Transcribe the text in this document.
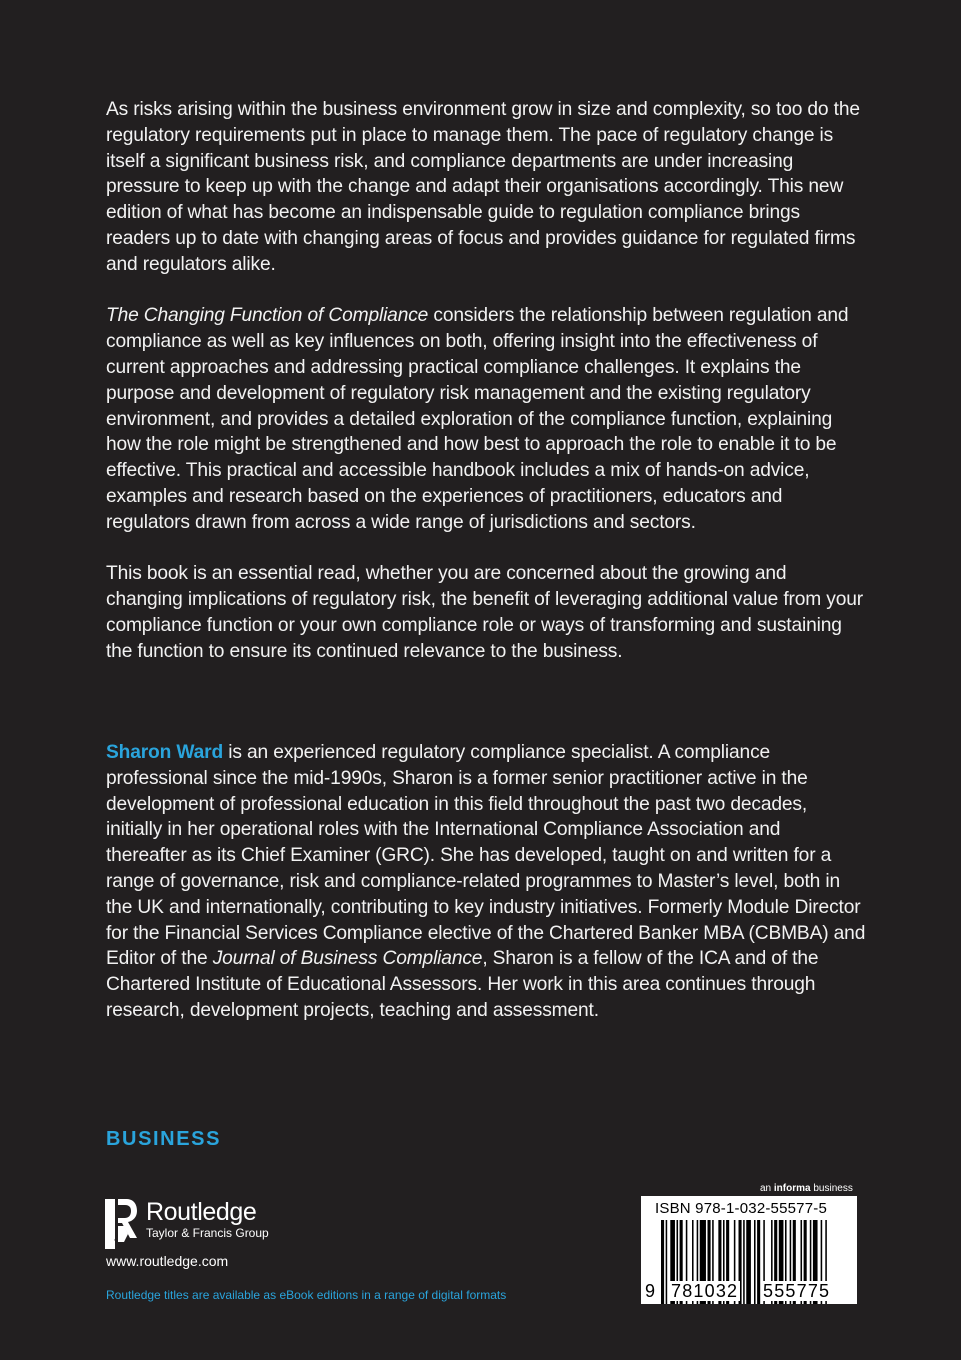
As risks arising within the business environment grow in size and complexity, so too do the regulatory requirements put in place to manage them. The pace of regulatory change is itself a significant business risk, and compliance departments are under increasing pressure to keep up with the change and adapt their organisations accordingly. This new edition of what has become an indispensable guide to regulation compliance brings readers up to date with changing areas of focus and provides guidance for regulated firms and regulators alike.

The Changing Function of Compliance considers the relationship between regulation and compliance as well as key influences on both, offering insight into the effectiveness of current approaches and addressing practical compliance challenges. It explains the purpose and development of regulatory risk management and the existing regulatory environment, and provides a detailed exploration of the compliance function, explaining how the role might be strengthened and how best to approach the role to enable it to be effective. This practical and accessible handbook includes a mix of hands-on advice, examples and research based on the experiences of practitioners, educators and regulators drawn from across a wide range of jurisdictions and sectors.

This book is an essential read, whether you are concerned about the growing and changing implications of regulatory risk, the benefit of leveraging additional value from your compliance function or your own compliance role or ways of transforming and sustaining the function to ensure its continued relevance to the business.

Sharon Ward is an experienced regulatory compliance specialist. A compliance professional since the mid-1990s, Sharon is a former senior practitioner active in the development of professional education in this field throughout the past two decades, initially in her operational roles with the International Compliance Association and thereafter as its Chief Examiner (GRC). She has developed, taught on and written for a range of governance, risk and compliance-related programmes to Master’s level, both in the UK and internationally, contributing to key industry initiatives. Formerly Module Director for the Financial Services Compliance elective of the Chartered Banker MBA (CBMBA) and Editor of the Journal of Business Compliance, Sharon is a fellow of the ICA and of the Chartered Institute of Educational Assessors. Her work in this area continues through research, development projects, teaching and assessment.

BUSINESS
R
Routledge
Taylor & Francis Group
www.routledge.com
Routledge titles are available as eBook editions in a range of digital formats
an informa business
ISBN 978-1-032-55577-5
9 781032 555775
